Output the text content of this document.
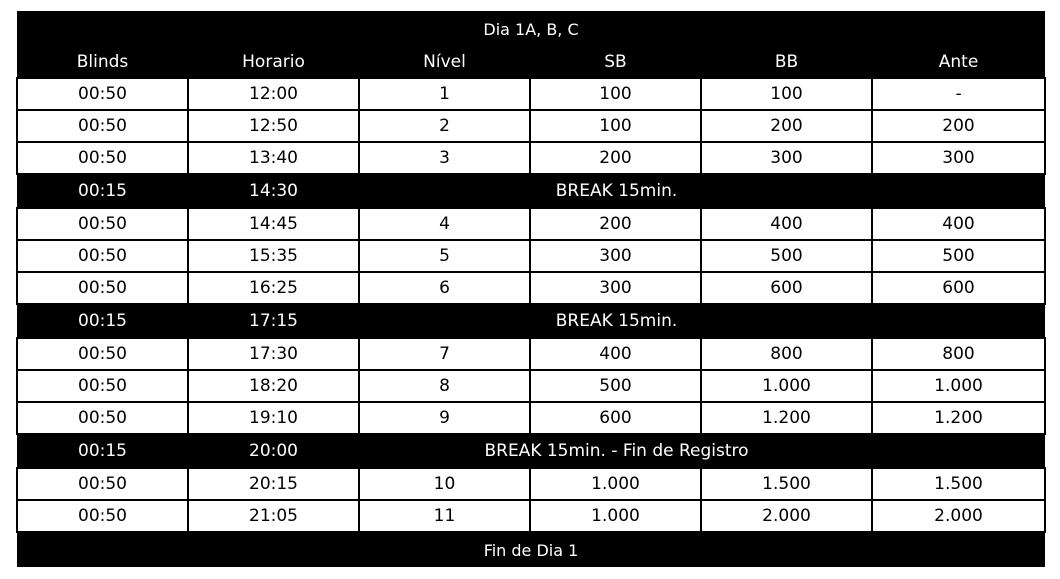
Dia 1A, B, C					
Blinds	Horario	Nível	SB	BB	Ante
00:50	12:00	1	100	100	-
00:50	12:50	2	100	200	200
00:50	13:40	3	200	300	300
00:15	14:30	BREAK 15min.			
00:50	14:45	4	200	400	400
00:50	15:35	5	300	500	500
00:50	16:25	6	300	600	600
00:15	17:15	BREAK 15min.			
00:50	17:30	7	400	800	800
00:50	18:20	8	500	1.000	1.000
00:50	19:10	9	600	1.200	1.200
00:15	20:00	BREAK 15min. - Fin de Registro			
00:50	20:15	10	1.000	1.500	1.500
00:50	21:05	11	1.000	2.000	2.000
Fin de Dia 1					
